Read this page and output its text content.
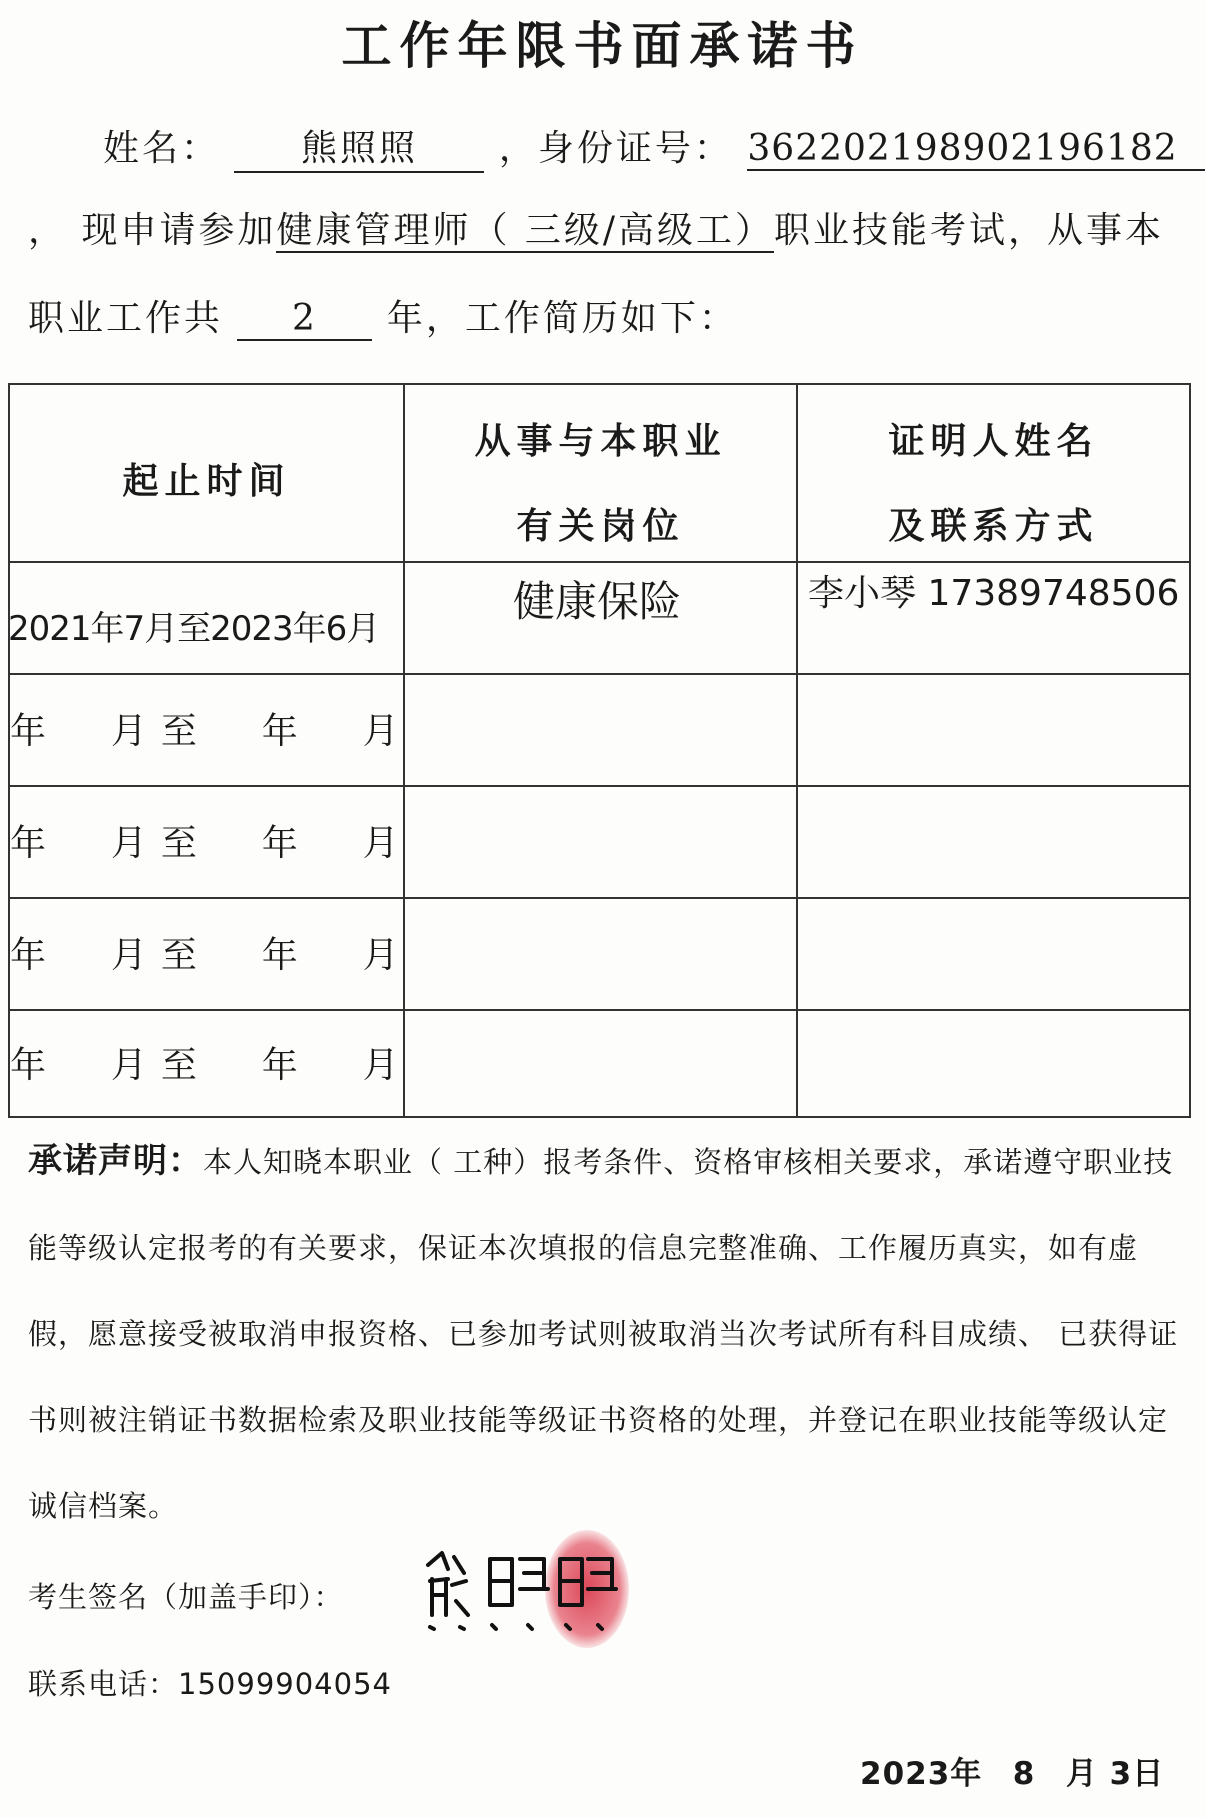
工作年限书面承诺书
姓名： 熊照照 ，身份证号： 362202198902196182
， 现申请参加健康管理师（ 三级/高级工）职业技能考试，从事本
职业工作共 2 年，工作简历如下：
起止时间
从事与本职业
有关岗位
证明人姓名
及联系方式
2021年7月至2023年6月
健康保险	李小琴 17389748506
年  月至  年  月
年  月至  年  月
年  月至  年  月
年  月至  年  月
承诺声明：本人知晓本职业（ 工种）报考条件、资格审核相关要求，承诺遵守职业技能等级认定报考的有关要求，保证本次填报的信息完整准确、工作履历真实，如有虚假，愿意接受被取消申报资格、已参加考试则被取消当次考试所有科目成绩、 已获得证书则被注销证书数据检索及职业技能等级证书资格的处理，并登记在职业技能等级认定诚信档案。
考生签名（加盖手印）：
联系电话：15099904054
2023年 8 月 3日
